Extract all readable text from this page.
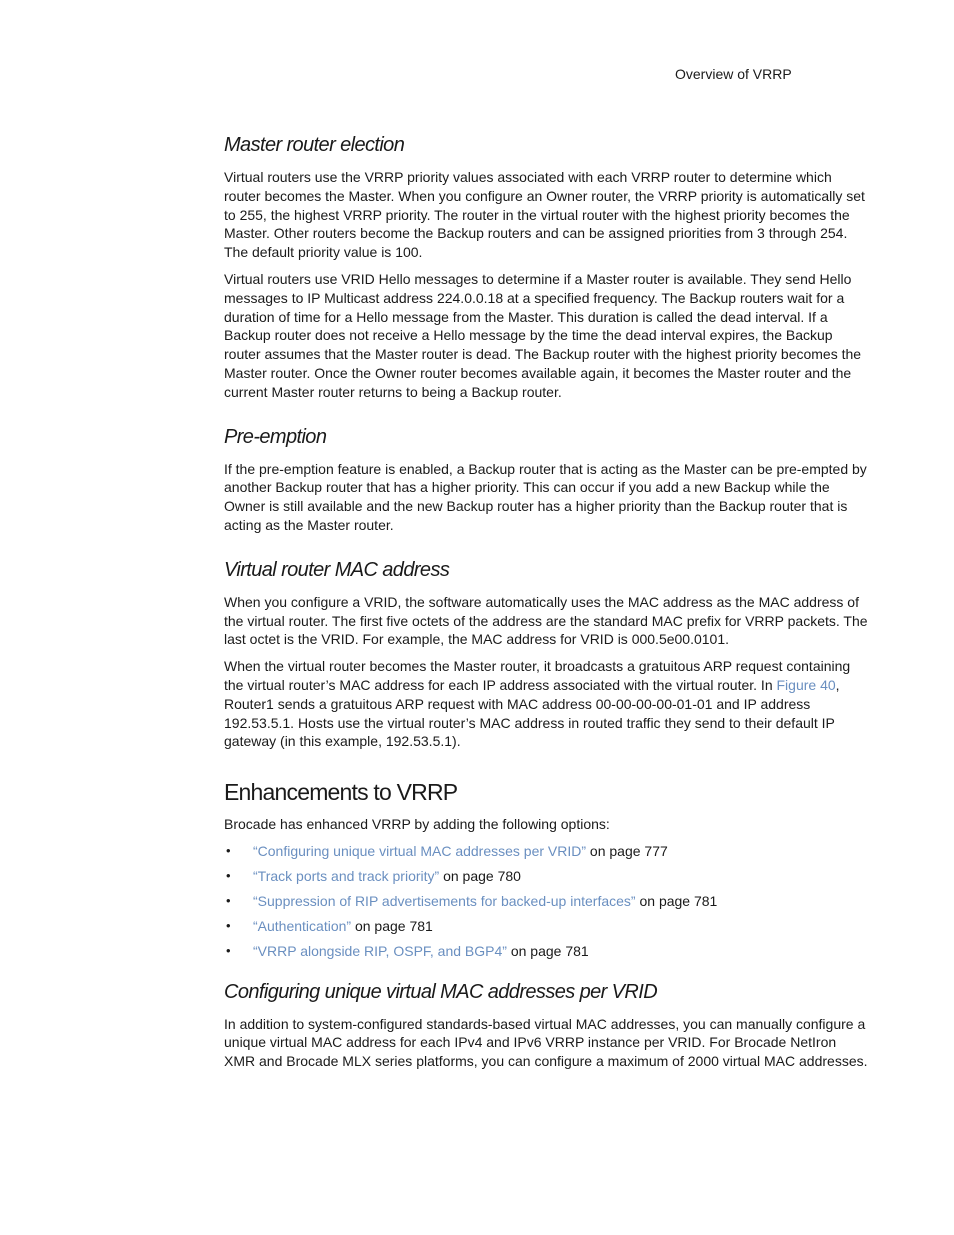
Overview of VRRP
Master router election

Virtual routers use the VRRP priority values associated with each VRRP router to determine which router becomes the Master. When you configure an Owner router, the VRRP priority is automatically set to 255, the highest VRRP priority. The router in the virtual router with the highest priority becomes the Master. Other routers become the Backup routers and can be assigned priorities from 3 through 254. The default priority value is 100.

Virtual routers use VRID Hello messages to determine if a Master router is available. They send Hello messages to IP Multicast address 224.0.0.18 at a specified frequency. The Backup routers wait for a duration of time for a Hello message from the Master. This duration is called the dead interval. If a Backup router does not receive a Hello message by the time the dead interval expires, the Backup router assumes that the Master router is dead. The Backup router with the highest priority becomes the Master router. Once the Owner router becomes available again, it becomes the Master router and the current Master router returns to being a Backup router.

Pre-emption

If the pre-emption feature is enabled, a Backup router that is acting as the Master can be pre-empted by another Backup router that has a higher priority. This can occur if you add a new Backup while the Owner is still available and the new Backup router has a higher priority than the Backup router that is acting as the Master router.

Virtual router MAC address

When you configure a VRID, the software automatically uses the MAC address as the MAC address of the virtual router. The first five octets of the address are the standard MAC prefix for VRRP packets. The last octet is the VRID. For example, the MAC address for VRID is 000.5e00.0101.

When the virtual router becomes the Master router, it broadcasts a gratuitous ARP request containing the virtual router’s MAC address for each IP address associated with the virtual router. In Figure 40, Router1 sends a gratuitous ARP request with MAC address 00-00-00-00-01-01 and IP address 192.53.5.1. Hosts use the virtual router’s MAC address in routed traffic they send to their default IP gateway (in this example, 192.53.5.1).

Enhancements to VRRP

Brocade has enhanced VRRP by adding the following options:

• “Configuring unique virtual MAC addresses per VRID” on page 777
• “Track ports and track priority” on page 780
• “Suppression of RIP advertisements for backed-up interfaces” on page 781
• “Authentication” on page 781
• “VRRP alongside RIP, OSPF, and BGP4” on page 781
Configuring unique virtual MAC addresses per VRID

In addition to system-configured standards-based virtual MAC addresses, you can manually configure a unique virtual MAC address for each IPv4 and IPv6 VRRP instance per VRID. For Brocade NetIron XMR and Brocade MLX series platforms, you can configure a maximum of 2000 virtual MAC addresses.
